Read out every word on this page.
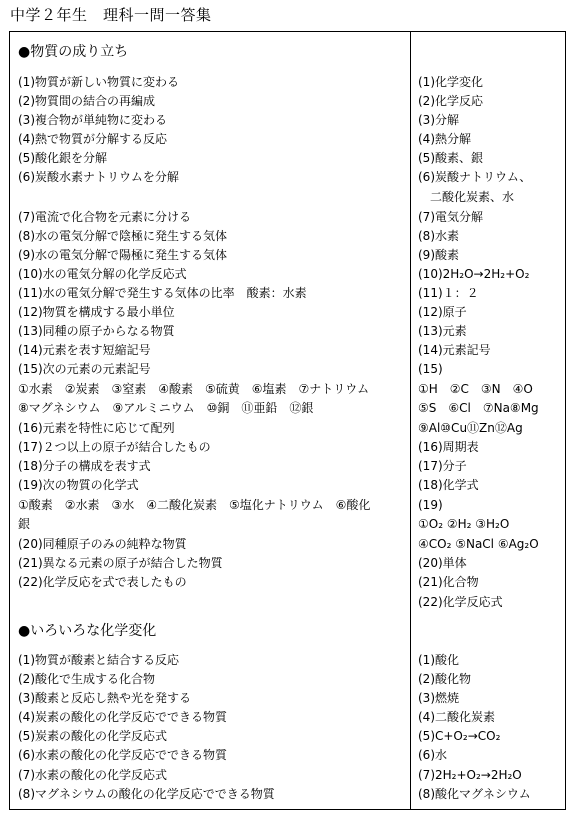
中学２年生　理科一問一答集
●物質の成り立ち
(1)物質が新しい物質に変わる
(2)物質間の結合の再編成
(3)複合物が単純物に変わる
(4)熱で物質が分解する反応
(5)酸化銀を分解
(6)炭酸水素ナトリウムを分解
(7)電流で化合物を元素に分ける
(8)水の電気分解で陰極に発生する気体
(9)水の電気分解で陽極に発生する気体
(10)水の電気分解の化学反応式
(11)水の電気分解で発生する気体の比率　酸素：水素
(12)物質を構成する最小単位
(13)同種の原子からなる物質
(14)元素を表す短縮記号
(15)次の元素の元素記号
①水素　②炭素　③窒素　④酸素　⑤硫黄　⑥塩素　⑦ナトリウム
⑧マグネシウム　⑨アルミニウム　⑩銅　⑪亜鉛　⑫銀
(16)元素を特性に応じて配列
(17)２つ以上の原子が結合したもの
(18)分子の構成を表す式
(19)次の物質の化学式
①酸素　②水素　③水　④二酸化炭素　⑤塩化ナトリウム　⑥酸化
銀
(20)同種原子のみの純粋な物質
(21)異なる元素の原子が結合した物質
(22)化学反応を式で表したもの
●いろいろな化学変化
(1)物質が酸素と結合する反応
(2)酸化で生成する化合物
(3)酸素と反応し熱や光を発する
(4)炭素の酸化の化学反応でできる物質
(5)炭素の酸化の化学反応式
(6)水素の酸化の化学反応でできる物質
(7)水素の酸化の化学反応式
(8)マグネシウムの酸化の化学反応でできる物質
(1)化学変化
(2)化学反応
(3)分解
(4)熱分解
(5)酸素、銀
(6)炭酸ナトリウム、
　二酸化炭素、水
(7)電気分解
(8)水素
(9)酸素
(10)2H₂O→2H₂+O₂
(11)１：２
(12)原子
(13)元素
(14)元素記号
(15)
①H　②C　③N　④O
⑤S　⑥Cl　⑦Na⑧Mg
⑨Al⑩Cu⑪Zn⑫Ag
(16)周期表
(17)分子
(18)化学式
(19)
①O₂ ②H₂ ③H₂O
④CO₂ ⑤NaCl ⑥Ag₂O
(20)単体
(21)化合物
(22)化学反応式
(1)酸化
(2)酸化物
(3)燃焼
(4)二酸化炭素
(5)C+O₂→CO₂
(6)水
(7)2H₂+O₂→2H₂O
(8)酸化マグネシウム
